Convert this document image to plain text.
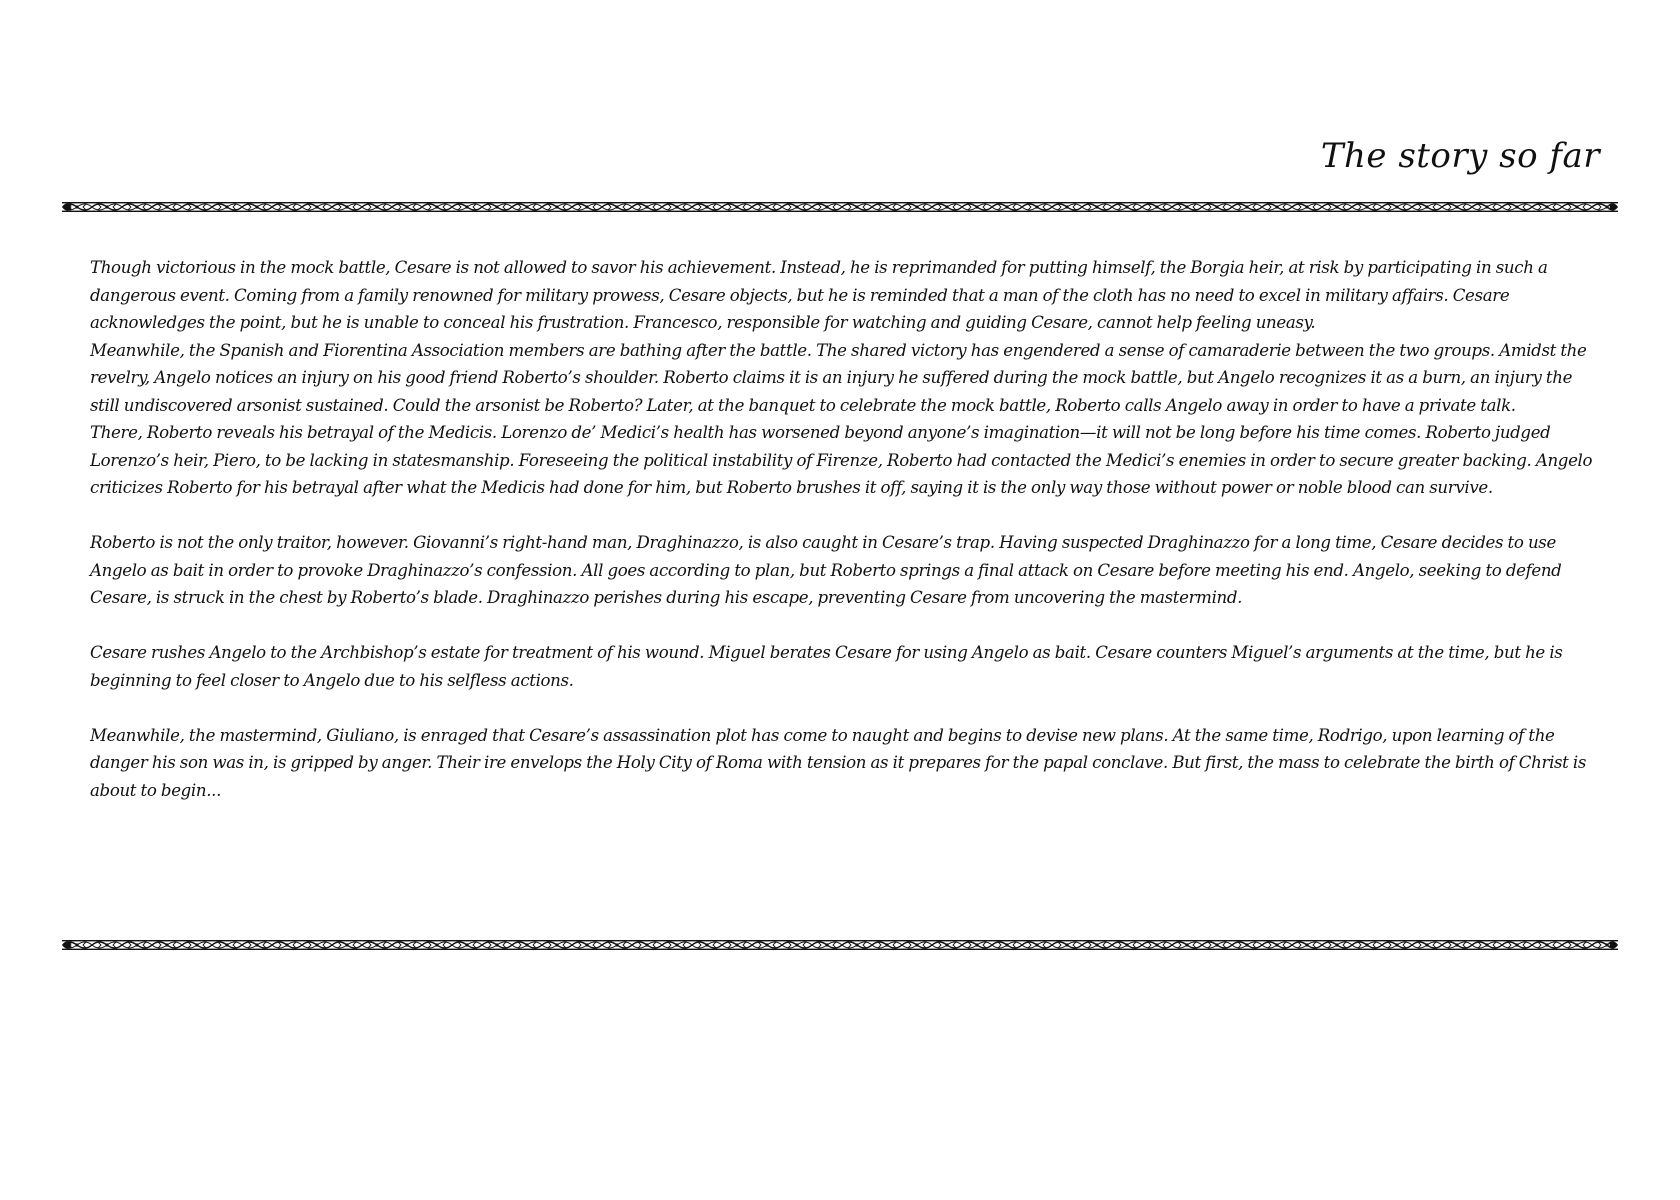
The story so far

Though victorious in the mock battle, Cesare is not allowed to savor his achievement. Instead, he is reprimanded for putting himself, the Borgia heir, at risk by participating in such a dangerous event. Coming from a family renowned for military prowess, Cesare objects, but he is reminded that a man of the cloth has no need to excel in military affairs. Cesare acknowledges the point, but he is unable to conceal his frustration. Francesco, responsible for watching and guiding Cesare, cannot help feeling uneasy.

Meanwhile, the Spanish and Fiorentina Association members are bathing after the battle. The shared victory has engendered a sense of camaraderie between the two groups. Amidst the revelry, Angelo notices an injury on his good friend Roberto’s shoulder. Roberto claims it is an injury he suffered during the mock battle, but Angelo recognizes it as a burn, an injury the still undiscovered arsonist sustained. Could the arsonist be Roberto? Later, at the banquet to celebrate the mock battle, Roberto calls Angelo away in order to have a private talk.

There, Roberto reveals his betrayal of the Medicis. Lorenzo de’ Medici’s health has worsened beyond anyone’s imagination—it will not be long before his time comes. Roberto judged Lorenzo’s heir, Piero, to be lacking in statesmanship. Foreseeing the political instability of Firenze, Roberto had contacted the Medici’s enemies in order to secure greater backing. Angelo criticizes Roberto for his betrayal after what the Medicis had done for him, but Roberto brushes it off, saying it is the only way those without power or noble blood can survive.

Roberto is not the only traitor, however. Giovanni’s right-hand man, Draghinazzo, is also caught in Cesare’s trap. Having suspected Draghinazzo for a long time, Cesare decides to use Angelo as bait in order to provoke Draghinazzo’s confession. All goes according to plan, but Roberto springs a final attack on Cesare before meeting his end. Angelo, seeking to defend Cesare, is struck in the chest by Roberto’s blade. Draghinazzo perishes during his escape, preventing Cesare from uncovering the mastermind.

Cesare rushes Angelo to the Archbishop’s estate for treatment of his wound. Miguel berates Cesare for using Angelo as bait. Cesare counters Miguel’s arguments at the time, but he is beginning to feel closer to Angelo due to his selfless actions.

Meanwhile, the mastermind, Giuliano, is enraged that Cesare’s assassination plot has come to naught and begins to devise new plans. At the same time, Rodrigo, upon learning of the danger his son was in, is gripped by anger. Their ire envelops the Holy City of Roma with tension as it prepares for the papal conclave. But first, the mass to celebrate the birth of Christ is about to begin...
